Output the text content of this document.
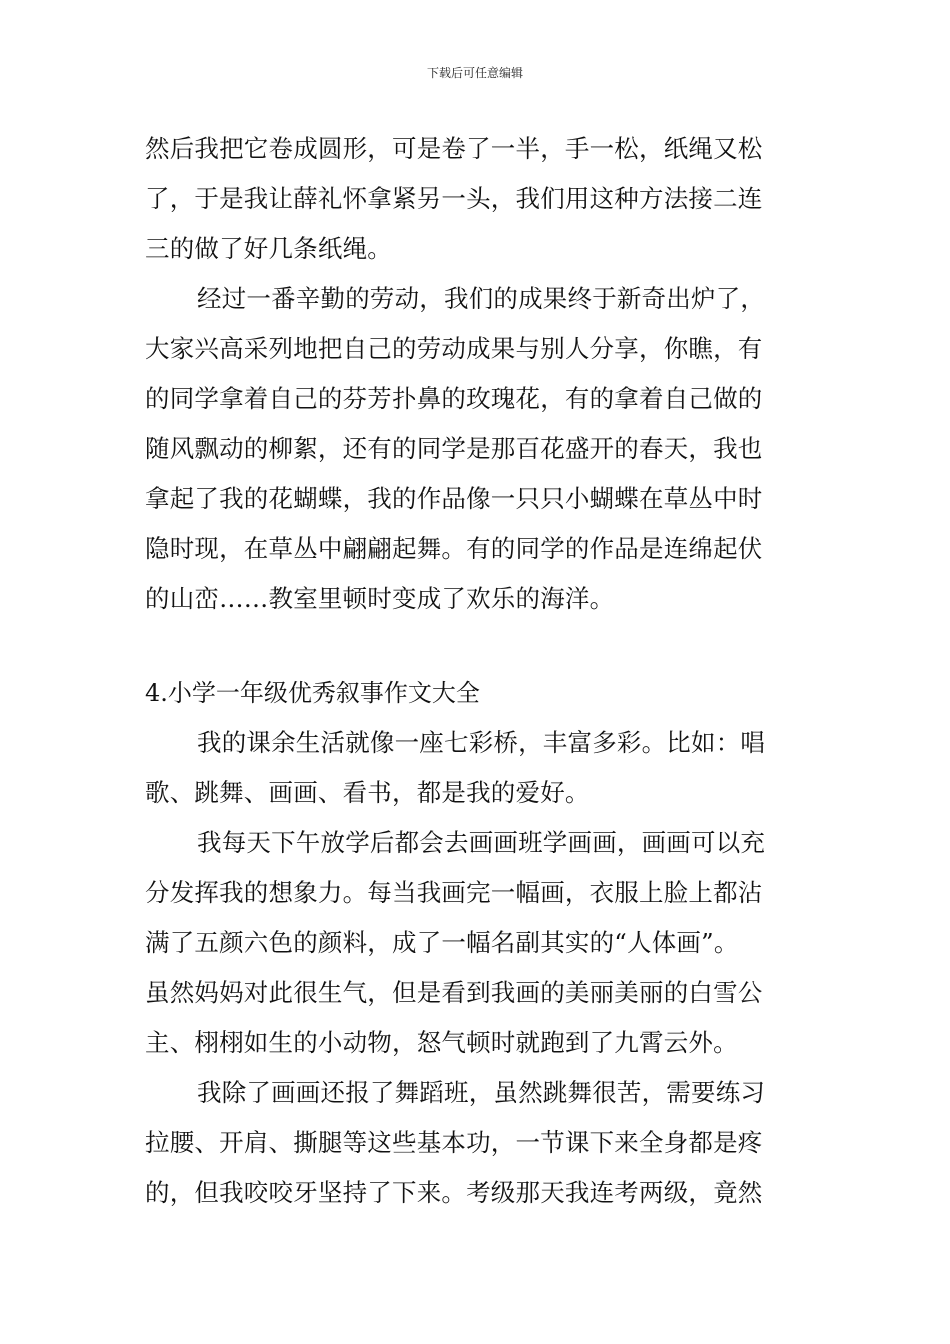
下载后可任意编辑
然后我把它卷成圆形，可是卷了一半，手一松，纸绳又松
了，于是我让薛礼怀拿紧另一头，我们用这种方法接二连
三的做了好几条纸绳。
经过一番辛勤的劳动，我们的成果终于新奇出炉了，
大家兴高采列地把自己的劳动成果与别人分享，你瞧，有
的同学拿着自己的芬芳扑鼻的玫瑰花，有的拿着自己做的
随风飘动的柳絮，还有的同学是那百花盛开的春天，我也
拿起了我的花蝴蝶，我的作品像一只只小蝴蝶在草丛中时
隐时现，在草丛中翩翩起舞。有的同学的作品是连绵起伏
的山峦……教室里顿时变成了欢乐的海洋。
4.小学一年级优秀叙事作文大全
我的课余生活就像一座七彩桥，丰富多彩。比如：唱
歌、跳舞、画画、看书，都是我的爱好。
我每天下午放学后都会去画画班学画画，画画可以充
分发挥我的想象力。每当我画完一幅画，衣服上脸上都沾
满了五颜六色的颜料，成了一幅名副其实的“人体画”。
虽然妈妈对此很生气，但是看到我画的美丽美丽的白雪公
主、栩栩如生的小动物，怒气顿时就跑到了九霄云外。
我除了画画还报了舞蹈班，虽然跳舞很苦，需要练习
拉腰、开肩、撕腿等这些基本功，一节课下来全身都是疼
的，但我咬咬牙坚持了下来。考级那天我连考两级，竟然
